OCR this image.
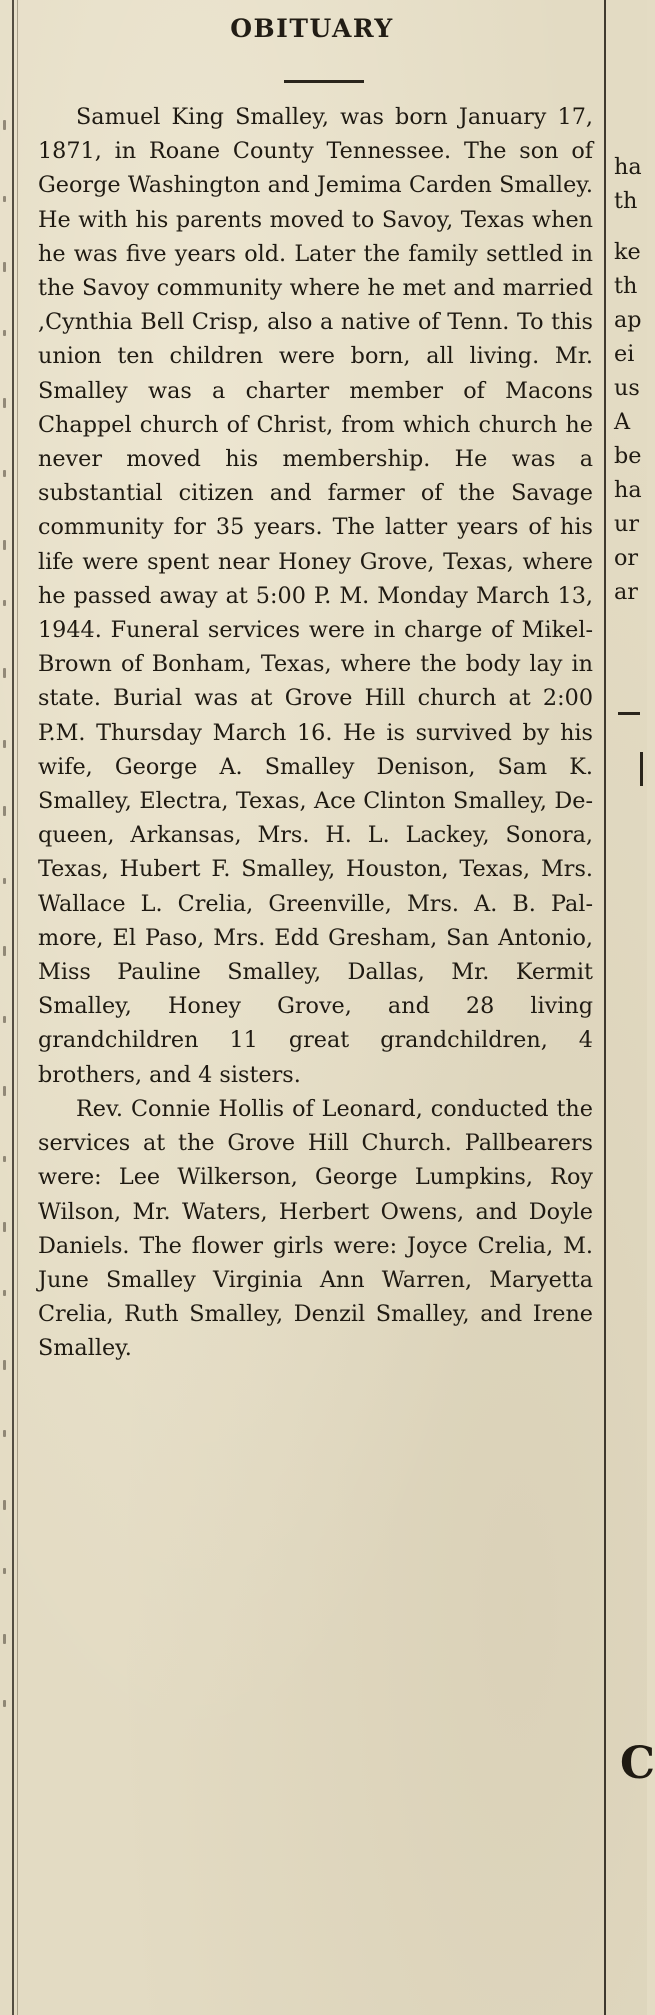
OBITUARY

Samuel King Smalley, was born January 17, 1871, in Roane County Tennessee. The son of George Washington and Jemima Carden Smalley. He with his parents moved to Savoy, Texas when he was five years old. Later the family settled in the Savoy community where he met and married ,Cynthia Bell Crisp, also a native of Tenn. To this union ten children were born, all living. Mr. Smalley was a charter member of Macons Chappel church of Christ, from which church he never moved his membership. He was a substantial citizen and farmer of the Savage community for 35 years. The latter years of his life were spent near Honey Grove, Texas, where he passed away at 5:00 P. M. Monday March 13, 1944. Funeral services were in charge of Mikel-Brown of Bonham, Texas, where the body lay in state. Burial was at Grove Hill church at 2:00 P.M. Thursday March 16. He is survived by his wife, George A. Smalley Denison, Sam K. Smalley, Electra, Texas, Ace Clinton Smalley, Dequeen, Arkansas, Mrs. H. L. Lackey, Sonora, Texas, Hubert F. Smalley, Houston, Texas, Mrs. Wallace L. Crelia, Greenville, Mrs. A. B. Palmore, El Paso, Mrs. Edd Gresham, San Antonio, Miss Pauline Smalley, Dallas, Mr. Kermit Smalley, Honey Grove, and 28 living grandchildren 11 great grandchildren, 4 brothers, and 4 sisters.

Rev. Connie Hollis of Leonard, conducted the services at the Grove Hill Church. Pallbearers were: Lee Wilkerson, George Lumpkins, Roy Wilson, Mr. Waters, Herbert Owens, and Doyle Daniels. The flower girls were: Joyce Crelia, M. June Smalley Virginia Ann Warren, Maryetta Crelia, Ruth Smalley, Denzil Smalley, and Irene Smalley.

ha
th
ke
th
ap
ei
us
A
be
ha
ur
or
ar
C
